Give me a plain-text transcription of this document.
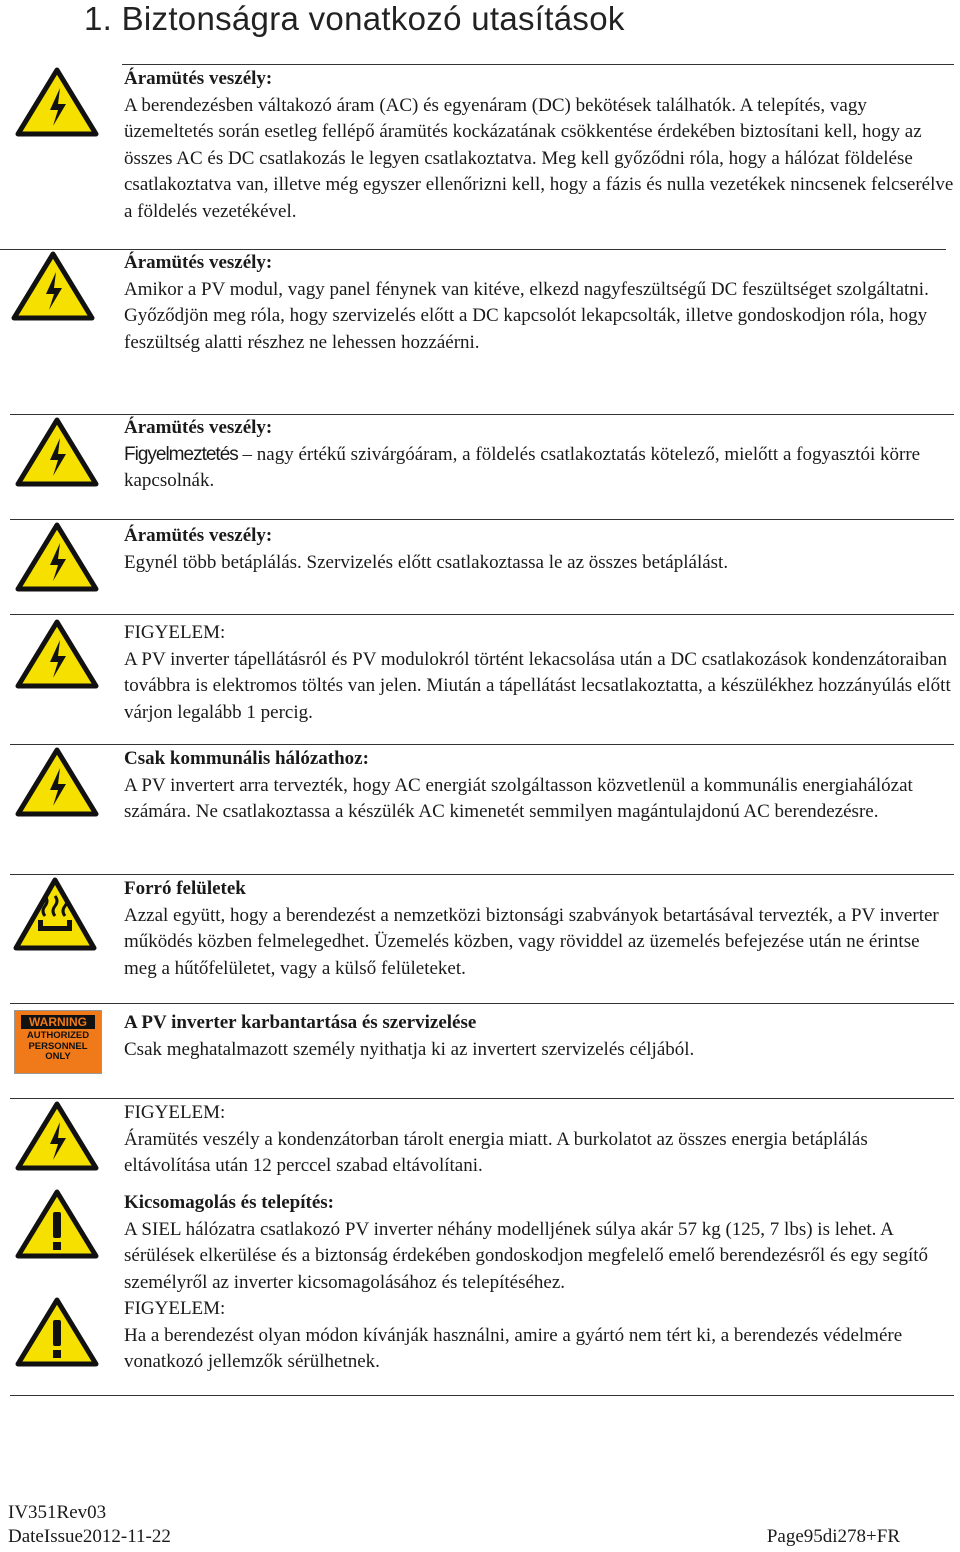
1. Biztonságra vonatkozó utasítások
WARNING
AUTHORIZED
PERSONNEL
ONLY

Áramütés veszély:

A berendezésben váltakozó áram (AC) és egyenáram (DC) bekötések találhatók. A telepítés, vagy üzemeltetés során esetleg fellépő áramütés kockázatának csökkentése érdekében biztosítani kell, hogy az összes AC és DC csatlakozás le legyen csatlakoztatva. Meg kell győződni róla, hogy a hálózat földelése csatlakoztatva van, illetve még egyszer ellenőrizni kell, hogy a fázis és nulla vezetékek nincsenek felcserélve a földelés vezetékével.

Áramütés veszély:

Amikor a PV modul, vagy panel fénynek van kitéve, elkezd nagyfeszültségű DC feszültséget szolgáltatni. Győződjön meg róla, hogy szervizelés előtt a DC kapcsolót lekapcsolták, illetve gondoskodjon róla, hogy feszültség alatti részhez ne lehessen hozzáérni.

Áramütés veszély:

Figyelmeztetés – nagy értékű szivárgóáram, a földelés csatlakoztatás kötelező, mielőtt a fogyasztói körre kapcsolnák.

Áramütés veszély:

Egynél több betáplálás. Szervizelés előtt csatlakoztassa le az összes betáplálást.

FIGYELEM:

A PV inverter tápellátásról és PV modulokról történt lekacsolása után a DC csatlakozások kondenzátoraiban továbbra is elektromos töltés van jelen. Miután a tápellátást lecsatlakoztatta, a készülékhez hozzányúlás előtt várjon legalább 1 percig.

Csak kommunális hálózathoz:

A PV invertert arra tervezték, hogy AC energiát szolgáltasson közvetlenül a kommunális energiahálózat számára. Ne csatlakoztassa a készülék AC kimenetét semmilyen magántulajdonú AC berendezésre.

Forró felületek

Azzal együtt, hogy a berendezést a nemzetközi biztonsági szabványok betartásával tervezték, a PV inverter működés közben felmelegedhet. Üzemelés közben, vagy röviddel az üzemelés befejezése után ne érintse meg a hűtőfelületet, vagy a külső felületeket.

A PV inverter karbantartása és szervizelése

Csak meghatalmazott személy nyithatja ki az invertert szervizelés céljából.

FIGYELEM:

Áramütés veszély a kondenzátorban tárolt energia miatt. A burkolatot az összes energia betáplálás eltávolítása után 12 perccel szabad eltávolítani.

Kicsomagolás és telepítés:

A SIEL hálózatra csatlakozó PV inverter néhány modelljének súlya akár 57 kg (125, 7 lbs) is lehet. A sérülések elkerülése és a biztonság érdekében gondoskodjon megfelelő emelő berendezésről és egy segítő személyről az inverter kicsomagolásához és telepítéséhez.

FIGYELEM:

Ha a berendezést olyan módon kívánják használni, amire a gyártó nem tért ki, a berendezés védelmére vonatkozó jellemzők sérülhetnek.

IV351Rev03
DateIssue2012-11-22	Page95di278+FR
